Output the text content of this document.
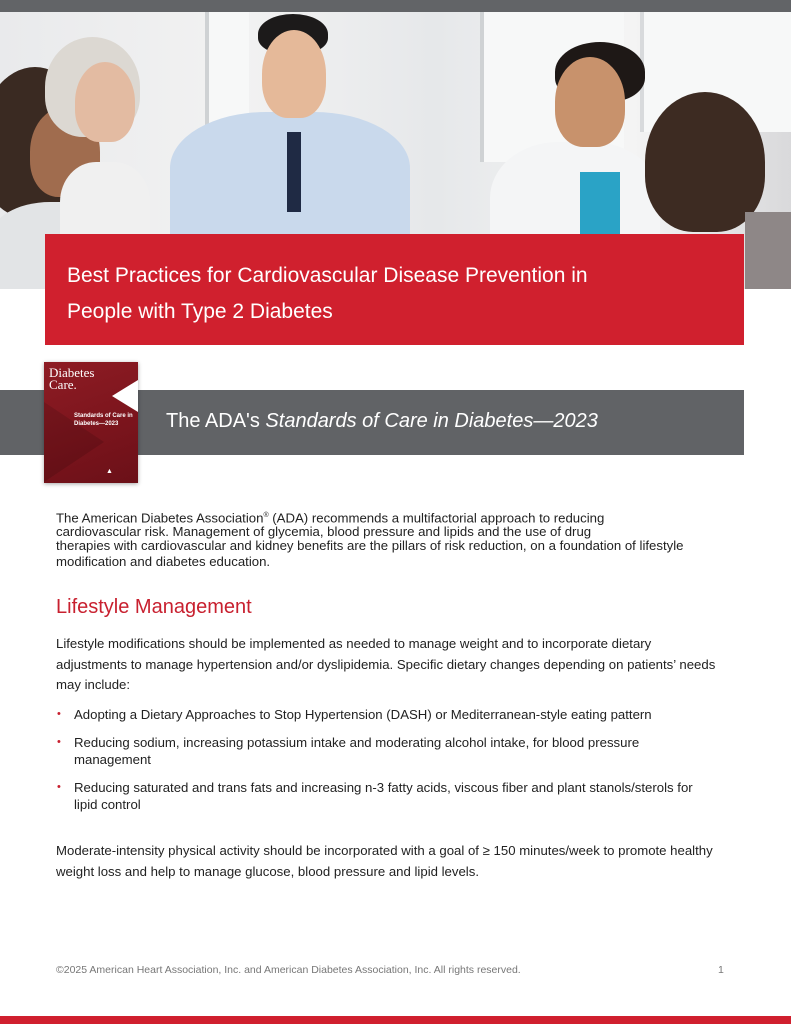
Best Practices for Cardiovascular Disease Prevention in
People with Type 2 Diabetes
The ADA's Standards of Care in Diabetes—2023
Diabetes
Care.
Standards of Care in Diabetes—2023
▲

The American Diabetes Association® (ADA) recommends a multifactorial approach to reducing
cardiovascular risk. Management of glycemia, blood pressure and lipids and the use of drug
therapies with cardiovascular and kidney benefits are the pillars of risk reduction, on a foundation of lifestyle modification and diabetes education.

Lifestyle Management

Lifestyle modifications should be implemented as needed to manage weight and to incorporate dietary adjustments to manage hypertension and/or dyslipidemia. Specific dietary changes depending on patients’ needs may include:

• Adopting a Dietary Approaches to Stop Hypertension (DASH) or Mediterranean-style eating pattern
• Reducing sodium, increasing potassium intake and moderating alcohol intake, for blood pressure management
• Reducing saturated and trans fats and increasing n-3 fatty acids, viscous fiber and plant stanols/sterols for lipid control

Moderate-intensity physical activity should be incorporated with a goal of ≥ 150 minutes/week to promote healthy weight loss and help to manage glucose, blood pressure and lipid levels.

©2025 American Heart Association, Inc. and American Diabetes Association, Inc. All rights reserved.	1
